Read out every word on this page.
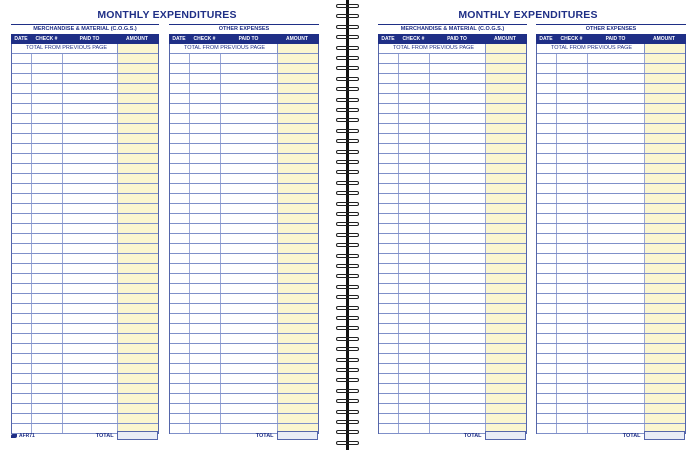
MONTHLY EXPENDITURES
MERCHANDISE & MATERIAL (C.O.G.S.)
DATE	CHECK #	PAID TO	AMOUNT
TOTAL FROM PREVIOUS PAGE
TOTAL
OTHER EXPENSES
DATE	CHECK #	PAID TO	AMOUNT
TOTAL FROM PREVIOUS PAGE
TOTAL
AFR71
MONTHLY EXPENDITURES
MERCHANDISE & MATERIAL (C.O.G.S.)
DATE	CHECK #	PAID TO	AMOUNT
TOTAL FROM PREVIOUS PAGE
TOTAL
OTHER EXPENSES
DATE	CHECK #	PAID TO	AMOUNT
TOTAL FROM PREVIOUS PAGE
TOTAL
